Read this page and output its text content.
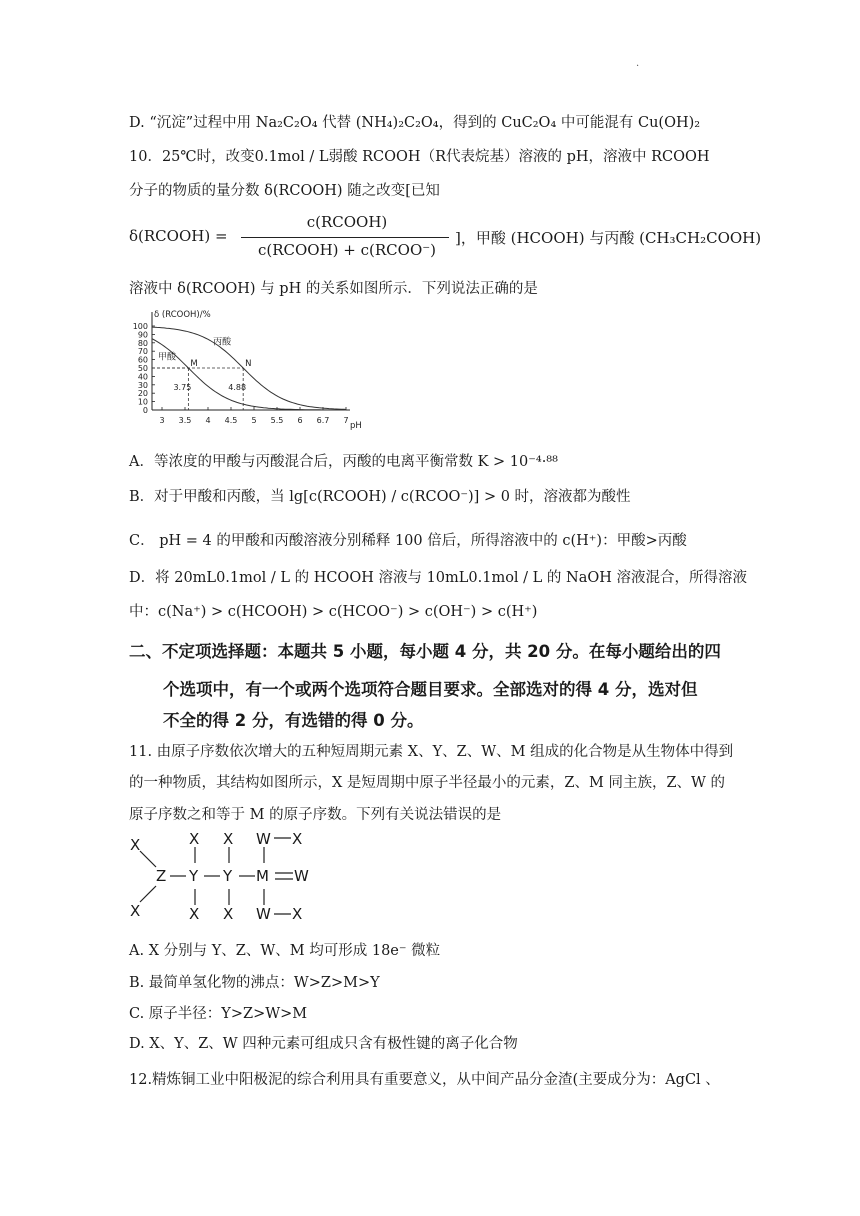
.
D. “沉淀”过程中用 Na₂C₂O₄ 代替 (NH₄)₂C₂O₄，得到的 CuC₂O₄ 中可能混有 Cu(OH)₂
10．25℃时，改变0.1mol / L弱酸 RCOOH（R代表烷基）溶液的 pH，溶液中 RCOOH
分子的物质的量分数 δ(RCOOH) 随之改变[已知
δ(RCOOH) =
c(RCOOH)
c(RCOOH) + c(RCOO⁻)
]，甲酸 (HCOOH) 与丙酸 (CH₃CH₂COOH)
溶液中 δ(RCOOH) 与 pH 的关系如图所示．下列说法正确的是
δ (RCOOH)/%
pH
0
10
20
30
40
50
60
70
80
90
100
3 3.5 4 4.5 5 5.5 6 6.7 7
甲酸
丙酸
M
3.75
N
4.88
A．等浓度的甲酸与丙酸混合后，丙酸的电离平衡常数 K > 10⁻⁴·⁸⁸
B．对于甲酸和丙酸，当 lg[c(RCOOH) / c(RCOO⁻)] > 0 时，溶液都为酸性
C． pH = 4 的甲酸和丙酸溶液分别稀释 100 倍后，所得溶液中的 c(H⁺)：甲酸>丙酸
D．将 20mL0.1mol / L 的 HCOOH 溶液与 10mL0.1mol / L 的 NaOH 溶液混合，所得溶液
中：c(Na⁺) > c(HCOOH) > c(HCOO⁻) > c(OH⁻) > c(H⁺)
二、不定项选择题：本题共 5 小题，每小题 4 分，共 20 分。在每小题给出的四
个选项中，有一个或两个选项符合题目要求。全部选对的得 4 分，选对但
不全的得 2 分，有选错的得 0 分。
11. 由原子序数依次增大的五种短周期元素 X、Y、Z、W、M 组成的化合物是从生物体中得到
的一种物质，其结构如图所示，X 是短周期中原子半径最小的元素，Z、M 同主族，Z、W 的
原子序数之和等于 M 的原子序数。下列有关说法错误的是
X
X
Z Y Y M W
X
X
X
X
W X
W X
A. X 分别与 Y、Z、W、M 均可形成 18e⁻ 微粒
B. 最简单氢化物的沸点：W>Z>M>Y
C. 原子半径：Y>Z>W>M
D. X、Y、Z、W 四种元素可组成只含有极性键的离子化合物
12.精炼铜工业中阳极泥的综合利用具有重要意义，从中间产品分金渣(主要成分为：AgCl 、
